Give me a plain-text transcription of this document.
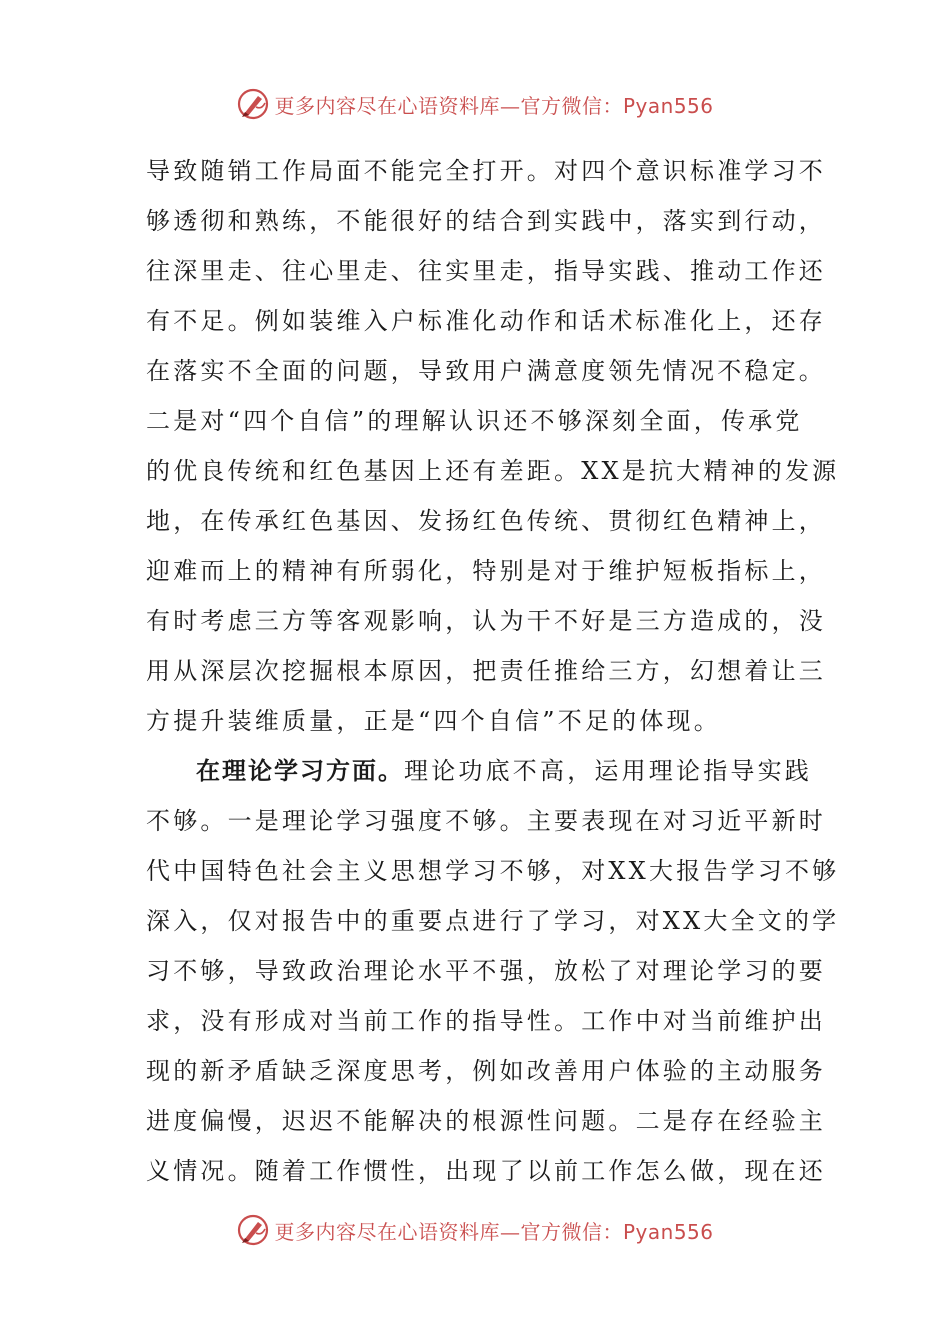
更多内容尽在心语资料库—官方微信：Pyan556
导致随销工作局面不能完全打开。对四个意识标准学习不
够透彻和熟练，不能很好的结合到实践中，落实到行动，
往深里走、往心里走、往实里走，指导实践、推动工作还
有不足。例如装维入户标准化动作和话术标准化上，还存
在落实不全面的问题，导致用户满意度领先情况不稳定。
二是对“四个自信”的理解认识还不够深刻全面，传承党
的优良传统和红色基因上还有差距。XX是抗大精神的发源
地，在传承红色基因、发扬红色传统、贯彻红色精神上，
迎难而上的精神有所弱化，特别是对于维护短板指标上，
有时考虑三方等客观影响，认为干不好是三方造成的，没
用从深层次挖掘根本原因，把责任推给三方，幻想着让三
方提升装维质量，正是“四个自信”不足的体现。
在理论学习方面。理论功底不高，运用理论指导实践
不够。一是理论学习强度不够。主要表现在对习近平新时
代中国特色社会主义思想学习不够，对XX大报告学习不够
深入，仅对报告中的重要点进行了学习，对XX大全文的学
习不够，导致政治理论水平不强，放松了对理论学习的要
求，没有形成对当前工作的指导性。工作中对当前维护出
现的新矛盾缺乏深度思考，例如改善用户体验的主动服务
进度偏慢，迟迟不能解决的根源性问题。二是存在经验主
义情况。随着工作惯性，出现了以前工作怎么做，现在还
更多内容尽在心语资料库—官方微信：Pyan556
